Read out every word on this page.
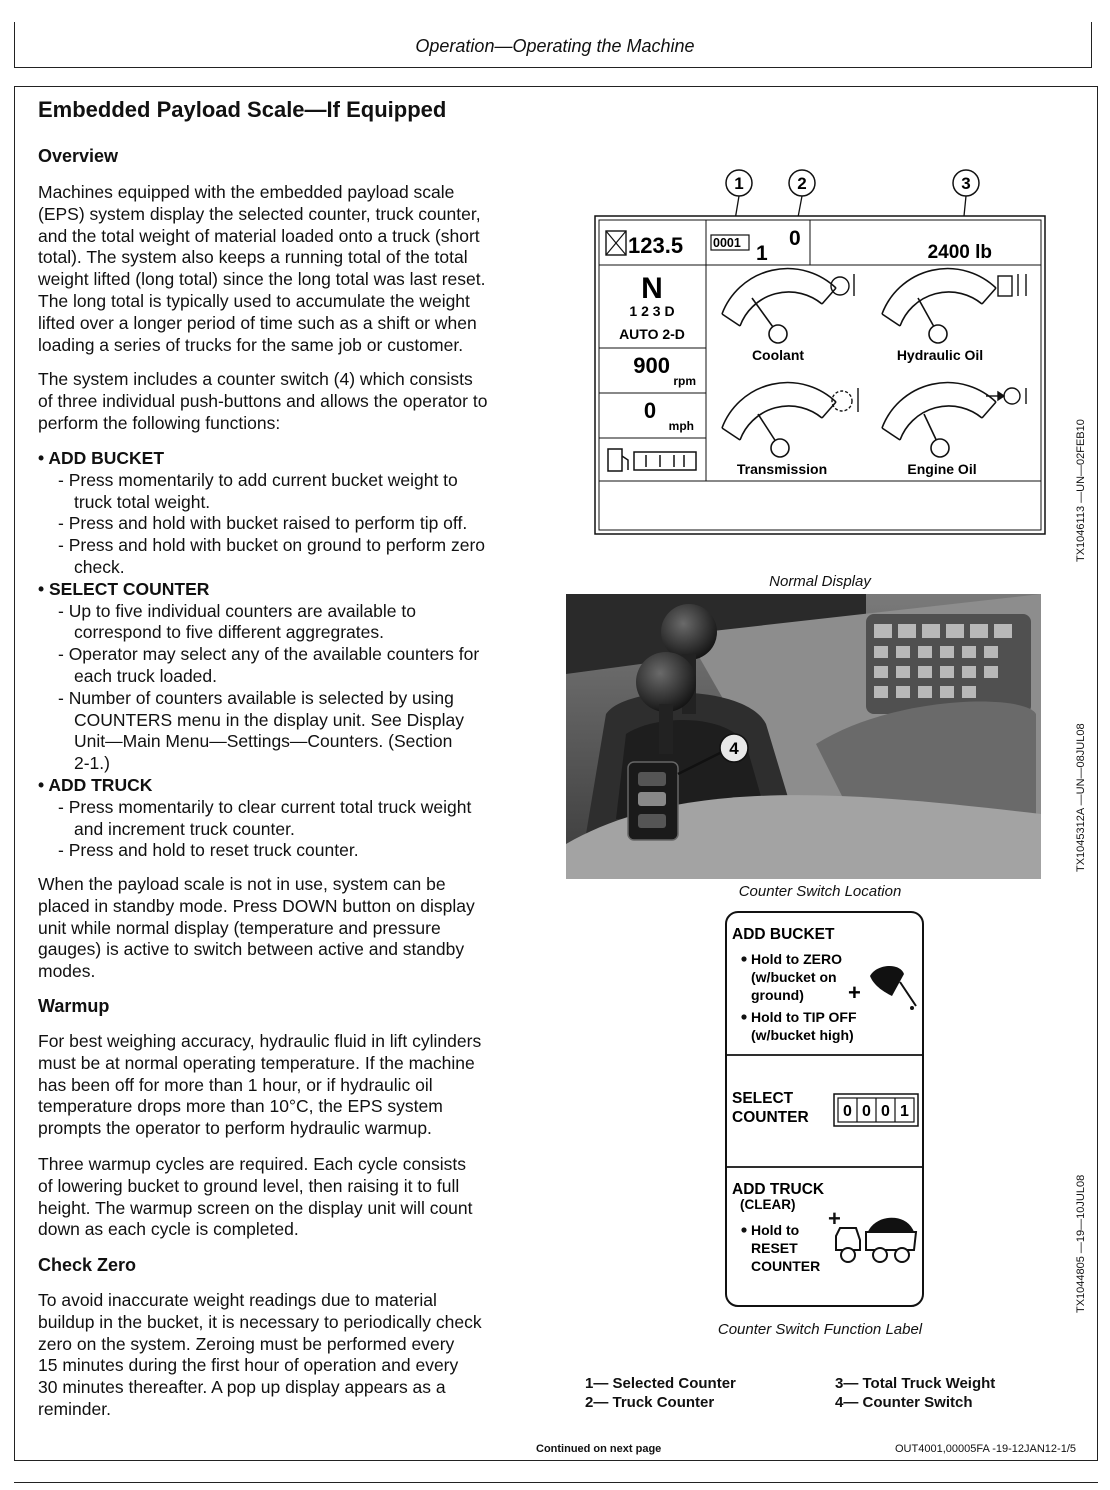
Operation—Operating the Machine
Embedded Payload Scale—If Equipped
Overview
Machines equipped with the embedded payload scale
(EPS) system display the selected counter, truck counter,
and the total weight of material loaded onto a truck (short
total). The system also keeps a running total of the total
weight lifted (long total) since the long total was last reset.
The long total is typically used to accumulate the weight
lifted over a longer period of time such as a shift or when
loading a series of trucks for the same job or customer.
The system includes a counter switch (4) which consists
of three individual push-buttons and allows the operator to
perform the following functions:
• ADD BUCKET
- Press momentarily to add current bucket weight to
truck total weight.
- Press and hold with bucket raised to perform tip off.
- Press and hold with bucket on ground to perform zero
check.
• SELECT COUNTER
- Up to five individual counters are available to
correspond to five different aggregrates.
- Operator may select any of the available counters for
each truck loaded.
- Number of counters available is selected by using
COUNTERS menu in the display unit. See Display
Unit—Main Menu—Settings—Counters. (Section
2-1.)
• ADD TRUCK
- Press momentarily to clear current total truck weight
and increment truck counter.
- Press and hold to reset truck counter.
When the payload scale is not in use, system can be
placed in standby mode. Press DOWN button on display
unit while normal display (temperature and pressure
gauges) is active to switch between active and standby
modes.
Warmup
For best weighing accuracy, hydraulic fluid in lift cylinders
must be at normal operating temperature. If the machine
has been off for more than 1 hour, or if hydraulic oil
temperature drops more than 10°C, the EPS system
prompts the operator to perform hydraulic warmup.
Three warmup cycles are required. Each cycle consists
of lowering bucket to ground level, then raising it to full
height. The warmup screen on the display unit will count
down as each cycle is completed.
Check Zero
To avoid inaccurate weight readings due to material
buildup in the bucket, it is necessary to periodically check
zero on the system. Zeroing must be performed every
15 minutes during the first hour of operation and every
30 minutes thereafter. A pop up display appears as a
reminder.
1	2	3
123.5 0001 1
0
2400 lb
N
1 2 3 D
AUTO 2-D
900
rpm
0
mph
Coolant	Hydraulic Oil
Transmission	Engine Oil
Normal Display
TX1046113 —UN—02FEB10
4
Counter Switch Location
TX1045312A —UN—08JUL08
ADD BUCKET
Hold to ZERO
(w/bucket on
ground)
Hold to TIP OFF
(w/bucket high)
+
SELECT
COUNTER 0 0 0 1
ADD TRUCK
(CLEAR)
Hold to
RESET
COUNTER
+
Counter Switch Function Label
TX1044805 —19—10JUL08
1— Selected Counter
2— Truck Counter
3— Total Truck Weight
4— Counter Switch
Continued on next page	OUT4001,00005FA -19-12JAN12-1/5
